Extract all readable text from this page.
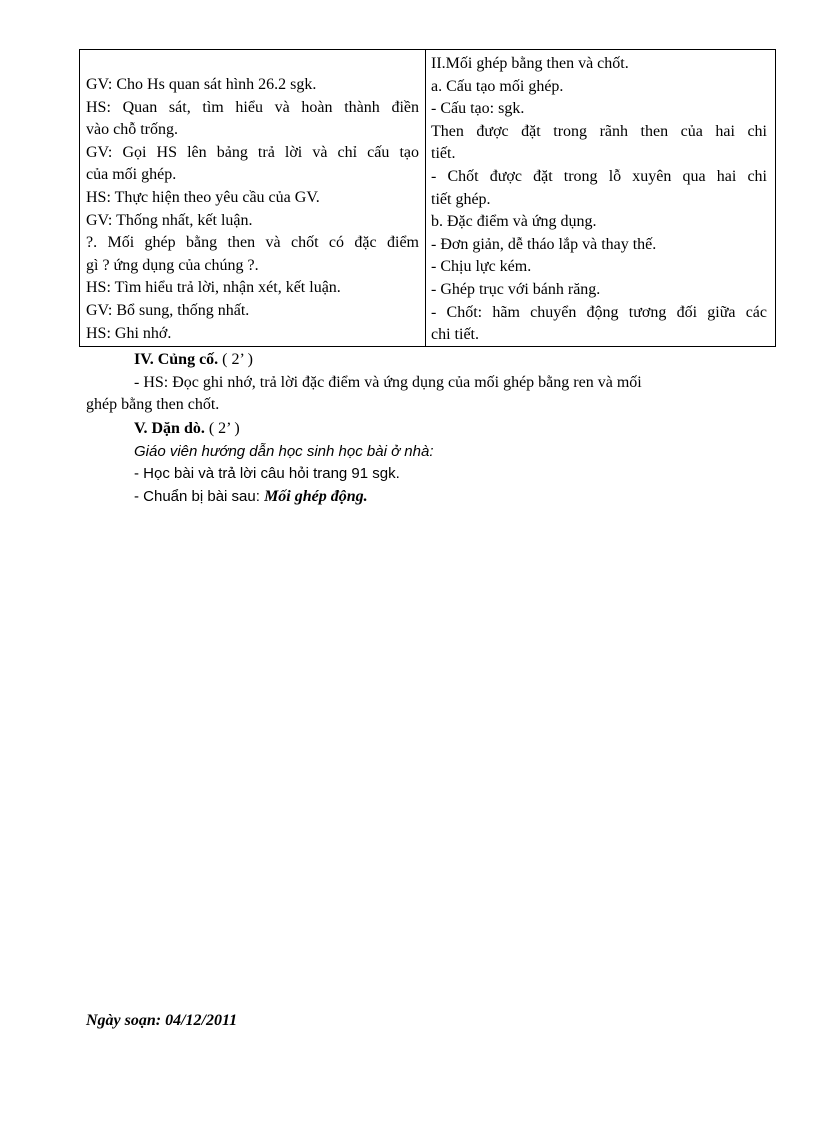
GV: Cho Hs quan sát hình 26.2 sgk.
HS: Quan sát, tìm hiểu và hoàn thành điền
vào chỗ trống.
GV: Gọi HS lên bảng trả lời và chỉ cấu tạo
của mối ghép.
HS: Thực hiện theo yêu cầu của GV.
GV: Thống nhất, kết luận.
?. Mối ghép bằng then và chốt có đặc điểm
gì ? ứng dụng của chúng ?.
HS: Tìm hiểu trả lời, nhận xét, kết luận.
GV: Bổ sung, thống nhất.
HS: Ghi nhớ.
II.Mối ghép bằng then và chốt.
a. Cấu tạo mối ghép.
- Cấu tạo: sgk.
Then được đặt trong rãnh then của hai chi
tiết.
- Chốt được đặt trong lỗ xuyên qua hai chi
tiết ghép.
b. Đặc điểm và ứng dụng.
- Đơn giản, dễ tháo lắp và thay thế.
- Chịu lực kém.
- Ghép trục với bánh răng.
- Chốt: hãm chuyển động tương đối giữa các
chi tiết.
IV. Củng cố. ( 2’ )
- HS: Đọc ghi nhớ, trả lời đặc điểm và ứng dụng của mối ghép bằng ren và mối
ghép bằng then chốt.
V. Dặn dò. ( 2’ )
Giáo viên hướng dẫn học sinh học bài ở nhà:
- Học bài và trả lời câu hỏi trang 91 sgk.
- Chuẩn bị bài sau: Mối ghép động.
Ngày soạn: 04/12/2011
